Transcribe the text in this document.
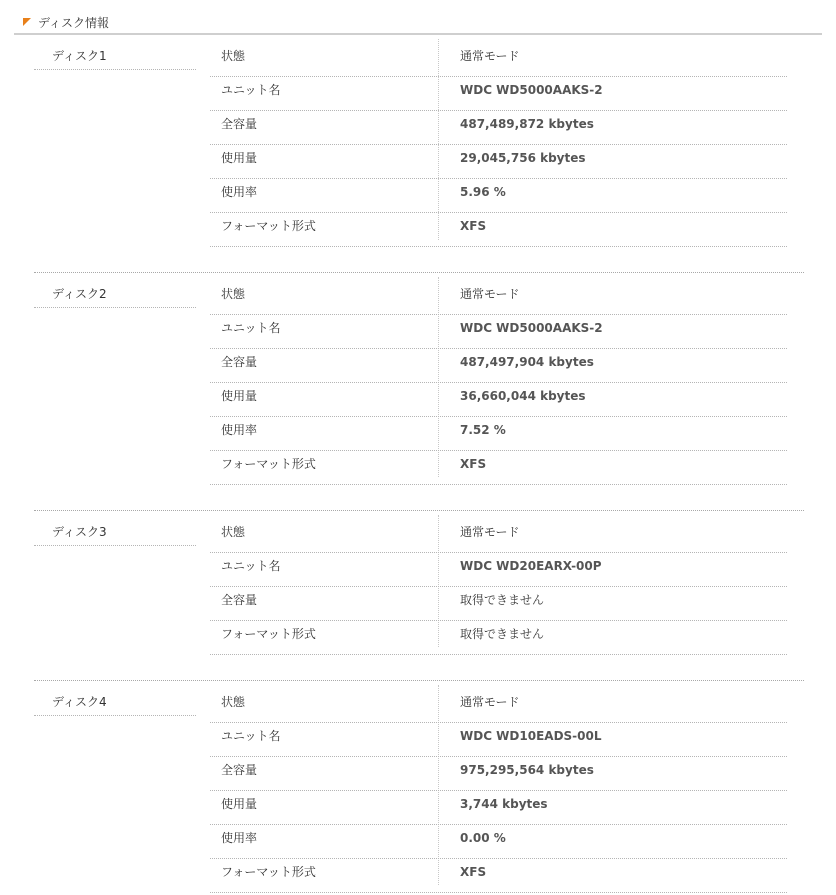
ディスク情報
ディスク1	状態	通常モード
ユニット名	WDC WD5000AAKS-2
全容量	487,489,872 kbytes
使用量	29,045,756 kbytes
使用率	5.96 %
フォーマット形式	XFS
ディスク2	状態	通常モード
ユニット名	WDC WD5000AAKS-2
全容量	487,497,904 kbytes
使用量	36,660,044 kbytes
使用率	7.52 %
フォーマット形式	XFS
ディスク3	状態	通常モード
ユニット名	WDC WD20EARX-00P
全容量	取得できません
フォーマット形式	取得できません
ディスク4	状態	通常モード
ユニット名	WDC WD10EADS-00L
全容量	975,295,564 kbytes
使用量	3,744 kbytes
使用率	0.00 %
フォーマット形式	XFS
